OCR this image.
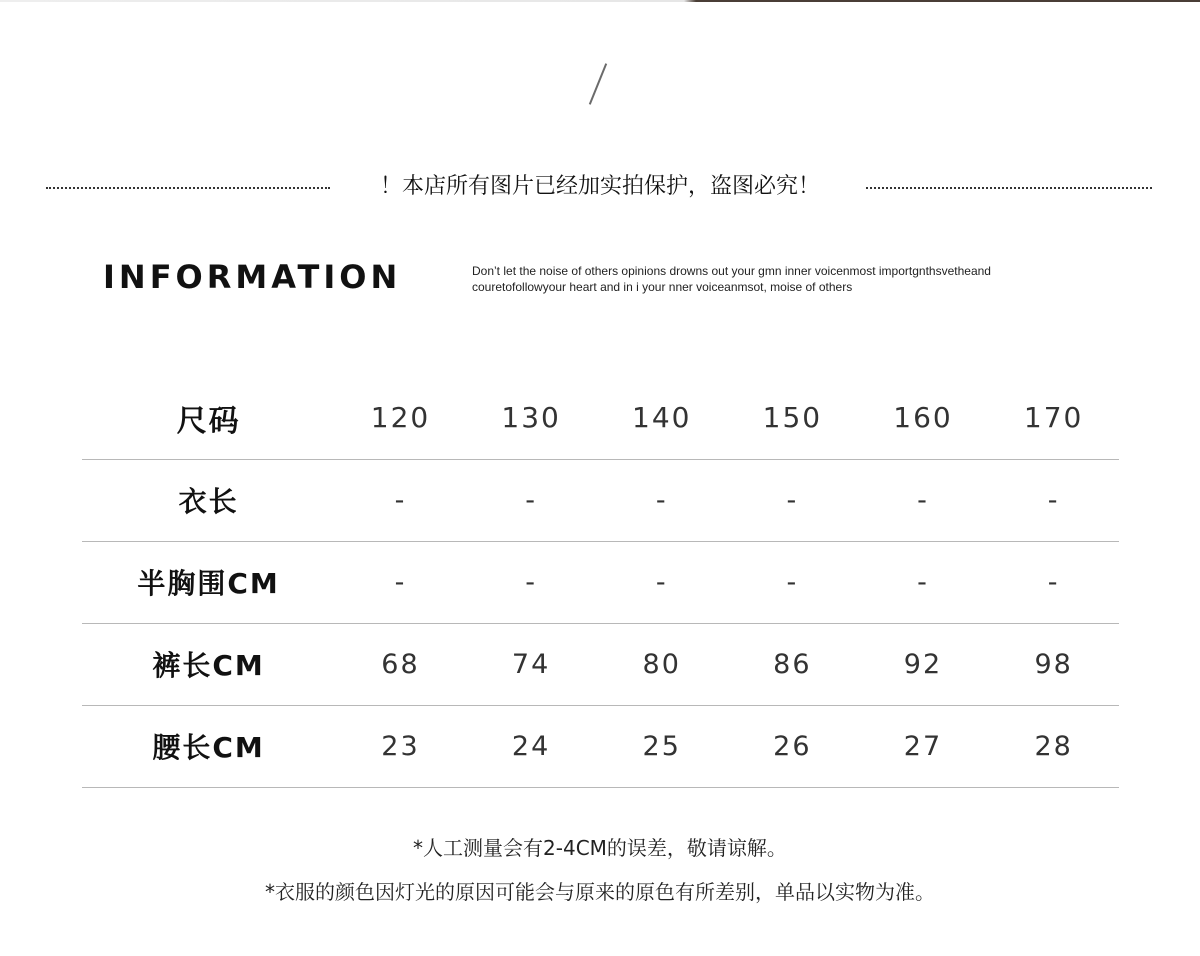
！本店所有图片已经加实拍保护，盗图必究！
INFORMATION	Don’t let the noise of others opinions drowns out your gmn inner voicenmost importgnthsvetheand
couretofollowyour heart and in i your nner voiceanmsot, moise of others
尺码	120	130	140	150	160	170
衣长	-	-	-	-	-	-
半胸围CM	-	-	-	-	-	-
裤长CM	68	74	80	86	92	98
腰长CM	23	24	25	26	27	28
*人工测量会有2-4CM的误差，敬请谅解。
*衣服的颜色因灯光的原因可能会与原来的原色有所差别，单品以实物为准。
